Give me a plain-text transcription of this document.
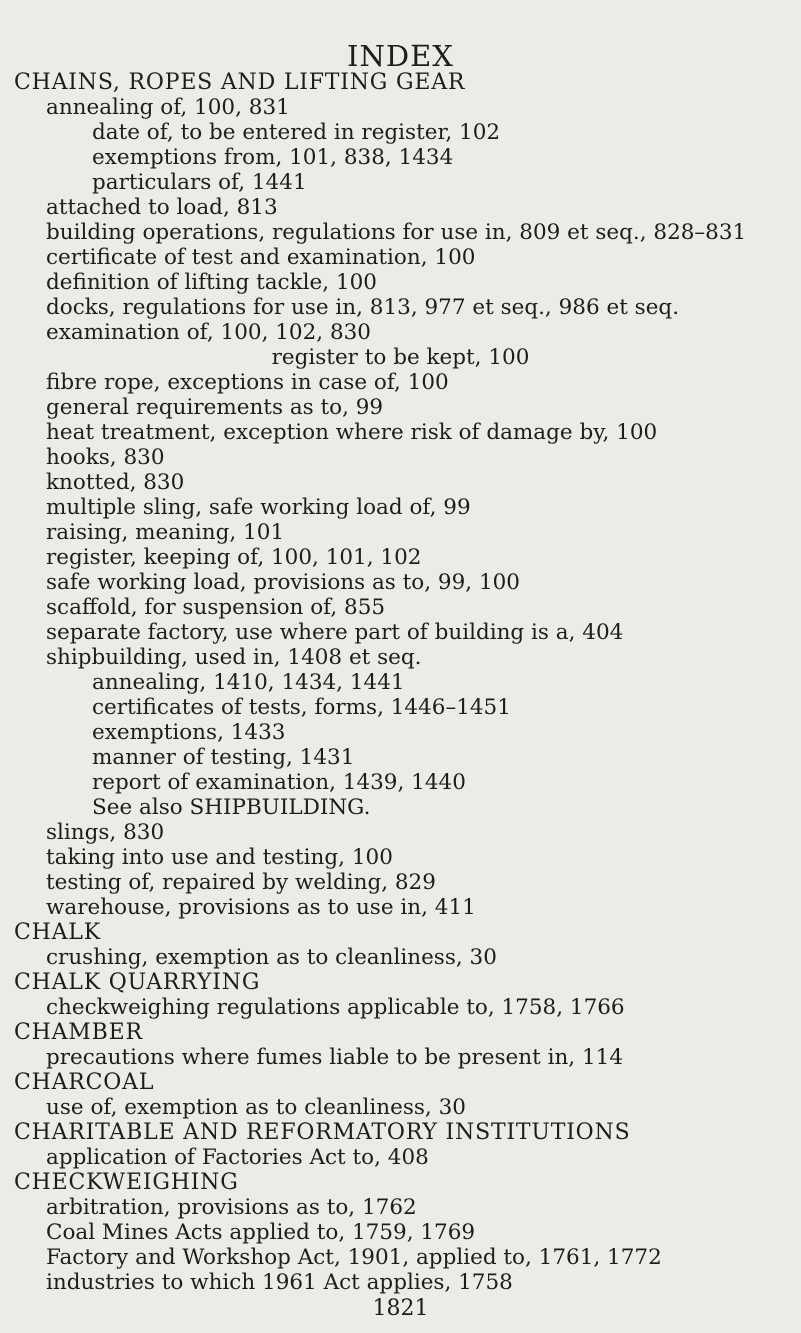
INDEX
CHAINS, ROPES AND LIFTING GEAR
annealing of, 100, 831
date of, to be entered in register, 102
exemptions from, 101, 838, 1434
particulars of, 1441
attached to load, 813
building operations, regulations for use in, 809 et seq., 828–831
certificate of test and examination, 100
definition of lifting tackle, 100
docks, regulations for use in, 813, 977 et seq., 986 et seq.
examination of, 100, 102, 830
register to be kept, 100
fibre rope, exceptions in case of, 100
general requirements as to, 99
heat treatment, exception where risk of damage by, 100
hooks, 830
knotted, 830
multiple sling, safe working load of, 99
raising, meaning, 101
register, keeping of, 100, 101, 102
safe working load, provisions as to, 99, 100
scaffold, for suspension of, 855
separate factory, use where part of building is a, 404
shipbuilding, used in, 1408 et seq.
annealing, 1410, 1434, 1441
certificates of tests, forms, 1446–1451
exemptions, 1433
manner of testing, 1431
report of examination, 1439, 1440
See also SHIPBUILDING.
slings, 830
taking into use and testing, 100
testing of, repaired by welding, 829
warehouse, provisions as to use in, 411
CHALK
crushing, exemption as to cleanliness, 30
CHALK QUARRYING
checkweighing regulations applicable to, 1758, 1766
CHAMBER
precautions where fumes liable to be present in, 114
CHARCOAL
use of, exemption as to cleanliness, 30
CHARITABLE AND REFORMATORY INSTITUTIONS
application of Factories Act to, 408
CHECKWEIGHING
arbitration, provisions as to, 1762
Coal Mines Acts applied to, 1759, 1769
Factory and Workshop Act, 1901, applied to, 1761, 1772
industries to which 1961 Act applies, 1758
1821
